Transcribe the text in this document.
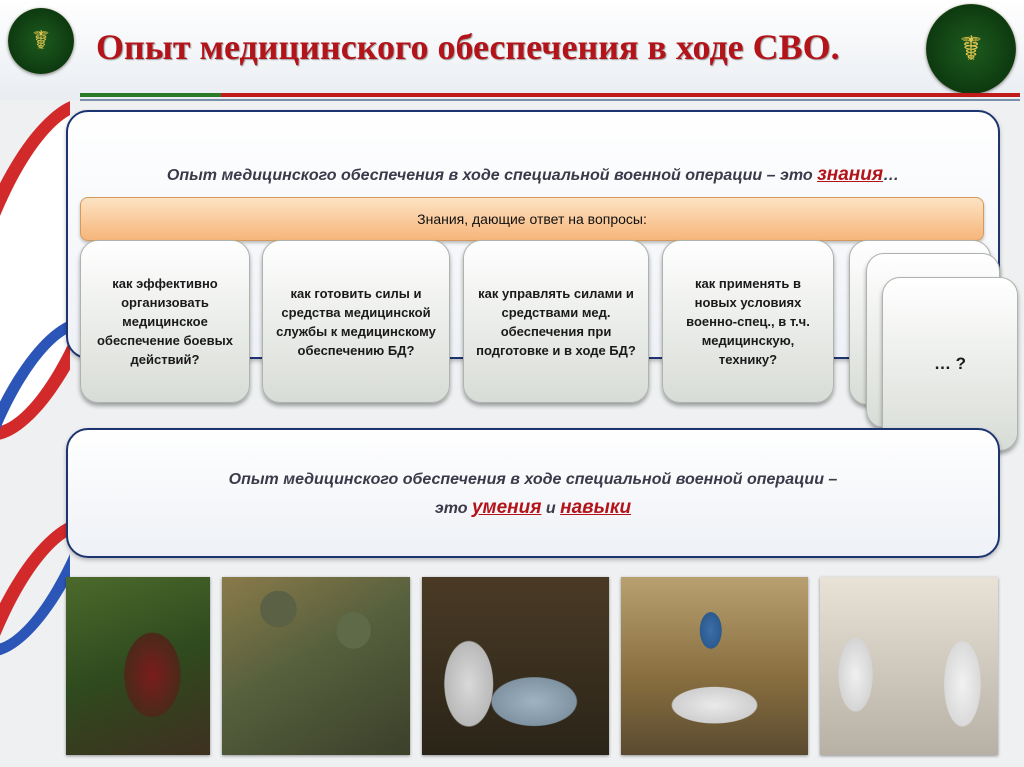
☤	☤
Опыт медицинского обеспечения в ходе СВО.
Опыт медицинского обеспечения в ходе специальной военной операции – это знания…
Знания, дающие ответ на вопросы:
как эффективно организовать медицинское обеспечение боевых действий?
как готовить силы и средства медицинской службы к медицинскому обеспечению БД?
как управлять силами и средствами мед. обеспечения при подготовке и в ходе БД?
как применять в новых условиях военно-спец., в т.ч. медицинскую, технику?	… ?
Опыт медицинского обеспечения в ходе специальной военной операции –
это умения и навыки
